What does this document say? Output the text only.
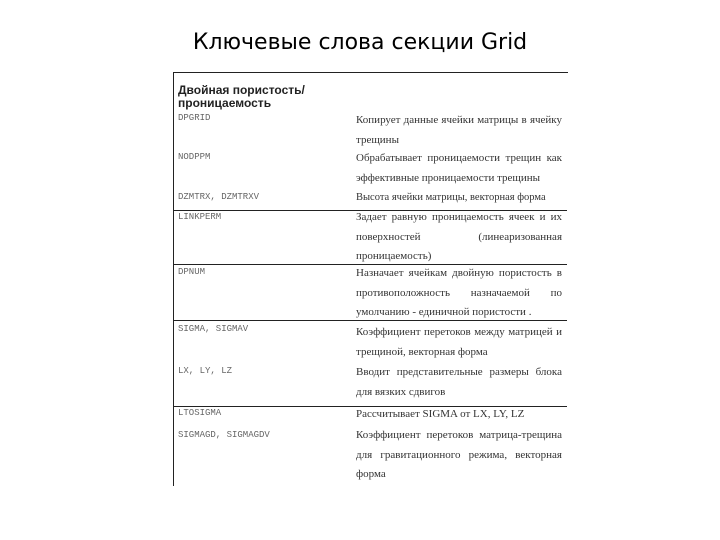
Ключевые слова секции Grid
Двойная пористость/ проницаемость
DPGRID	Копирует данные ячейки матрицы в ячейку трещины
NODPPM	Обрабатывает проницаемости трещин как эффективные проницаемости трещины
DZMTRX, DZMTRXV	Высота ячейки матрицы, векторная форма
LINKPERM	Задает равную проницаемость ячеек и их поверхностей (линеаризованная проницаемость)
DPNUM	Назначает ячейкам двойную пористость в противоположность назначаемой по умолчанию - единичной пористости .
SIGMA, SIGMAV	Коэффициент перетоков между матрицей и трещиной, векторная форма
LX, LY, LZ	Вводит представительные размеры блока для вязких сдвигов
LTOSIGMA	Рассчитывает SIGMA от LX, LY, LZ
SIGMAGD, SIGMAGDV	Коэффициент перетоков матрица-трещина для гравитационного режима, векторная форма
